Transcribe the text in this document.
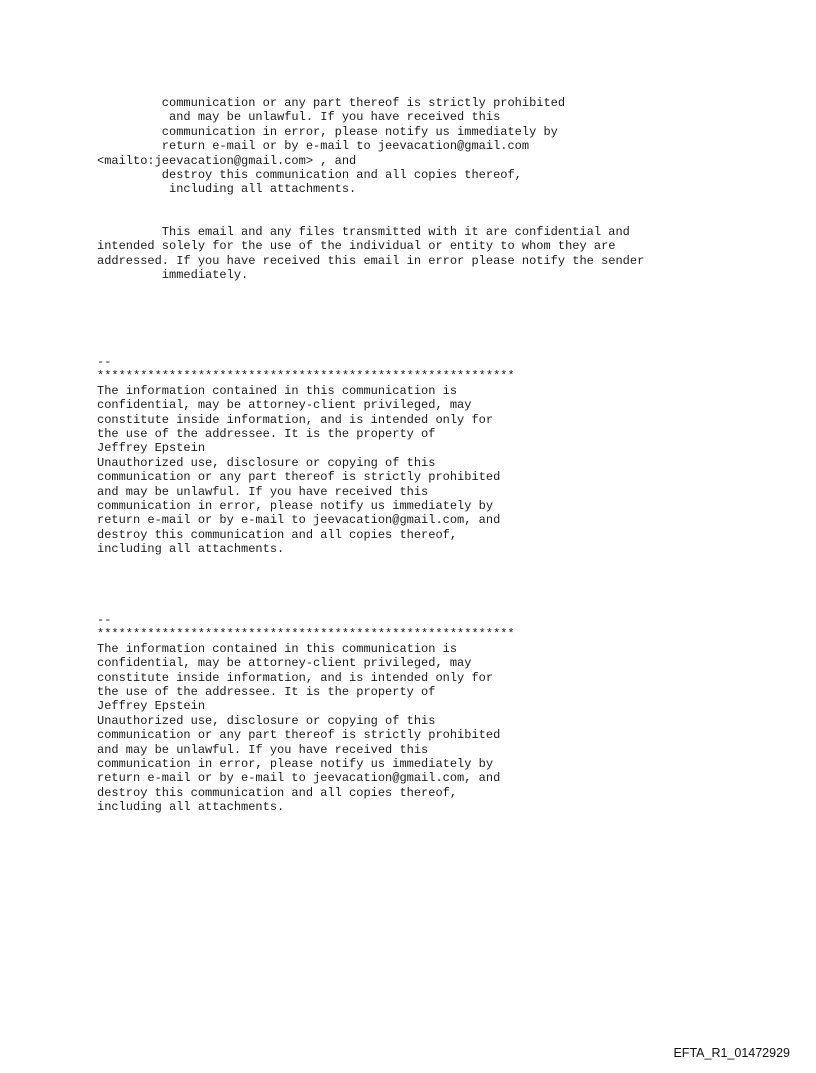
communication or any part thereof is strictly prohibited
and may be unlawful. If you have received this
communication in error, please notify us immediately by
return e-mail or by e-mail to jeevacation@gmail.com
<mailto:jeevacation@gmail.com> , and
destroy this communication and all copies thereof,
including all attachments.
This email and any files transmitted with it are confidential and
intended solely for the use of the individual or entity to whom they are
addressed. If you have received this email in error please notify the sender
immediately.
--
**********************************************************
The information contained in this communication is
confidential, may be attorney-client privileged, may
constitute inside information, and is intended only for
the use of the addressee. It is the property of
Jeffrey Epstein
Unauthorized use, disclosure or copying of this
communication or any part thereof is strictly prohibited
and may be unlawful. If you have received this
communication in error, please notify us immediately by
return e-mail or by e-mail to jeevacation@gmail.com, and
destroy this communication and all copies thereof,
including all attachments.
--
**********************************************************
The information contained in this communication is
confidential, may be attorney-client privileged, may
constitute inside information, and is intended only for
the use of the addressee. It is the property of
Jeffrey Epstein
Unauthorized use, disclosure or copying of this
communication or any part thereof is strictly prohibited
and may be unlawful. If you have received this
communication in error, please notify us immediately by
return e-mail or by e-mail to jeevacation@gmail.com, and
destroy this communication and all copies thereof,
including all attachments.
EFTA_R1_01472929
